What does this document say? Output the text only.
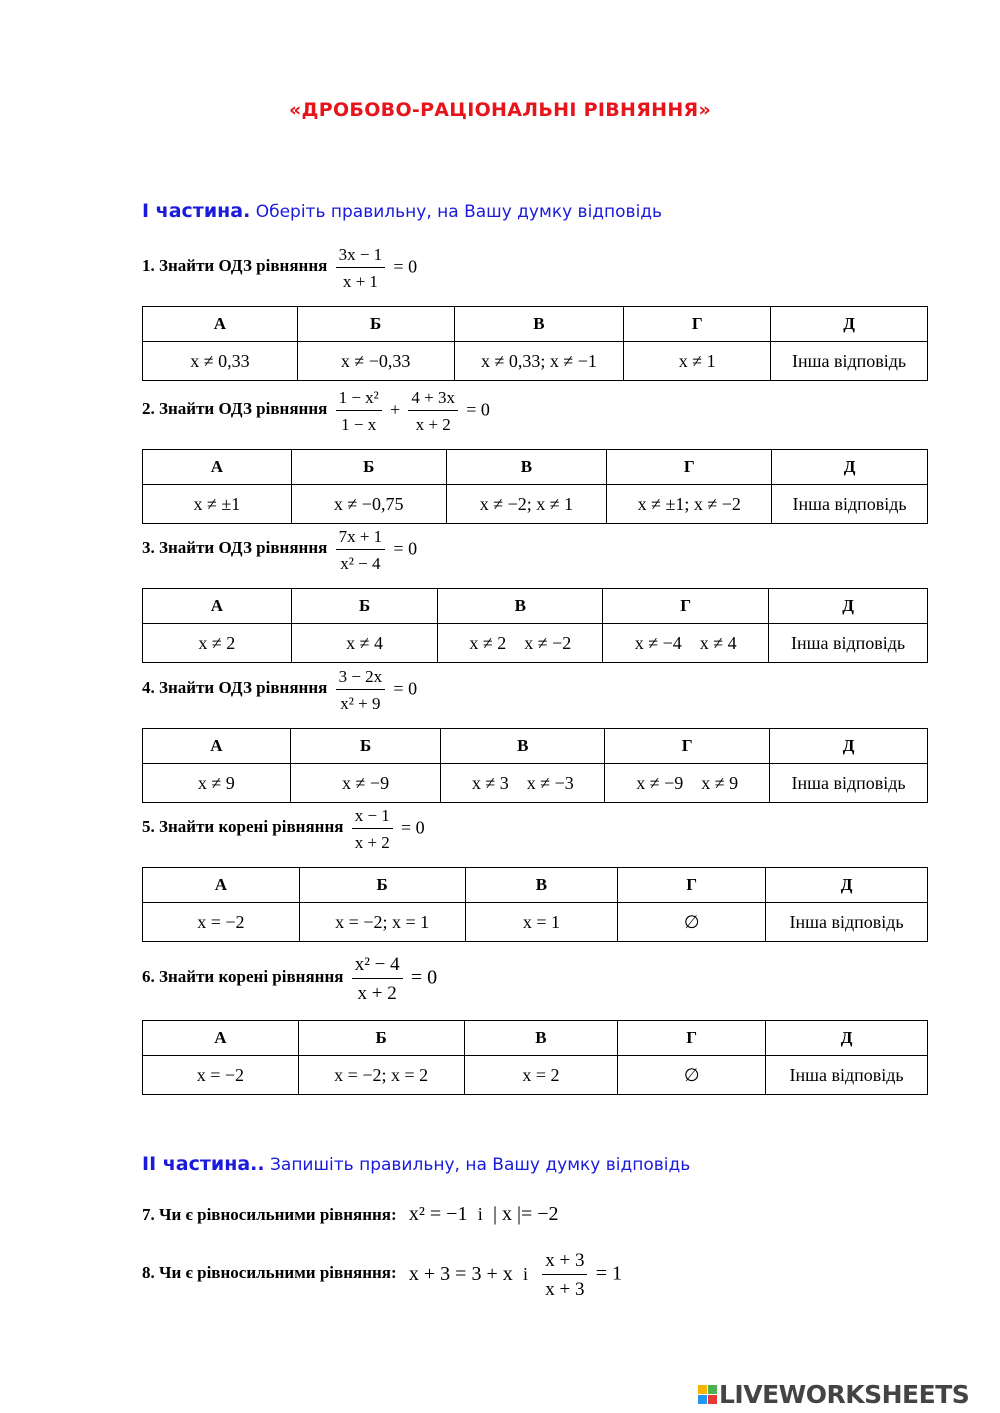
«ДРОБОВО-РАЦІОНАЛЬНІ РІВНЯННЯ»
I частина. Оберіть правильну, на Вашу думку відповідь
1. Знайти ОДЗ рівняння $\frac{3x - 1}{x + 1} = 0$
А	Б	В	Г	Д
x ≠ 0,33	x ≠ −0,33	x ≠ 0,33; x ≠ −1	x ≠ 1	Інша відповідь
2. Знайти ОДЗ рівняння $\frac{\text{1 − x²}}{1 - x} + \frac{4 + 3x}{x + 2} = 0$
А	Б	В	Г	Д
x ≠ ±1	x ≠ −0,75	x ≠ −2; x ≠ 1	x ≠ ±1; x ≠ −2	Інша відповідь
3. Знайти ОДЗ рівняння $\frac{7x + 1}{\text{x² − 4}} = 0$
А	Б	В	Г	Д
x ≠ 2	x ≠ 4	x ≠ 2    x ≠ −2	x ≠ −4    x ≠ 4	Інша відповідь
4. Знайти ОДЗ рівняння $\frac{3 - 2x}{\text{x² + 9}} = 0$
А	Б	В	Г	Д
x ≠ 9	x ≠ −9	x ≠ 3    x ≠ −3	x ≠ −9    x ≠ 9	Інша відповідь
5. Знайти корені рівняння $\frac{x - 1}{x + 2} = 0$
А	Б	В	Г	Д
x = −2	x = −2; x = 1	x = 1	∅	Інша відповідь
6. Знайти корені рівняння $\frac{\text{x² − 4}}{x + 2} = 0$
А	Б	В	Г	Д
x = −2	x = −2; x = 2	x = 2	∅	Інша відповідь
II частина.. Запишіть правильну, на Вашу думку відповідь
7. Чи є рівносильними рівняння: x² = −1 і | x |= −2
8. Чи є рівносильними рівняння: x + 3 = 3 + x і $\frac{x + 3}{x + 3} = 1$
LIVEWORKSHEETS
